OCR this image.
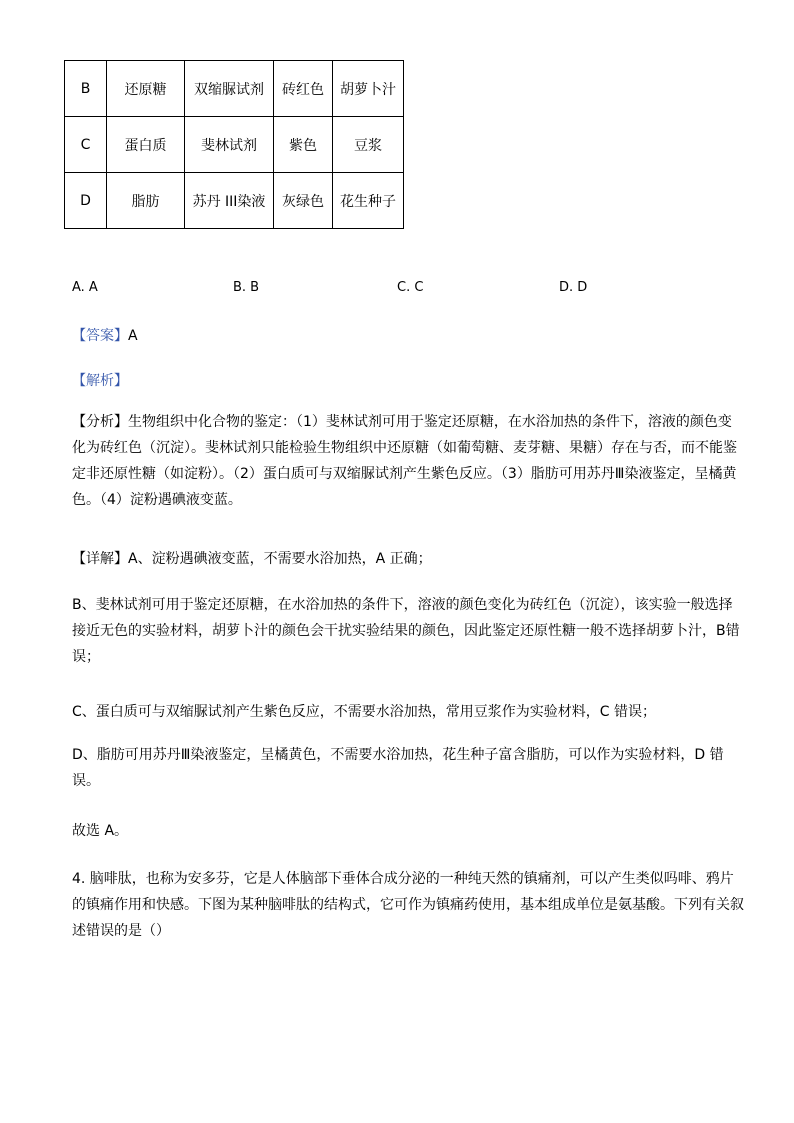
B	还原糖	双缩脲试剂	砖红色	胡萝卜汁
C	蛋白质	斐林试剂	紫色	豆浆
D	脂肪	苏丹 III染液	灰绿色	花生种子
A. A	B. B	C. C	D. D
【答案】A
【解析】
【分析】生物组织中化合物的鉴定：（1）斐林试剂可用于鉴定还原糖，在水浴加热的条件下，溶液的颜色变化为砖红色（沉淀）。斐林试剂只能检验生物组织中还原糖（如葡萄糖、麦芽糖、果糖）存在与否，而不能鉴定非还原性糖（如淀粉）。（2）蛋白质可与双缩脲试剂产生紫色反应。（3）脂肪可用苏丹Ⅲ染液鉴定，呈橘黄色。（4）淀粉遇碘液变蓝。
【详解】A、淀粉遇碘液变蓝，不需要水浴加热，A 正确；
B、斐林试剂可用于鉴定还原糖，在水浴加热的条件下，溶液的颜色变化为砖红色（沉淀），该实验一般选择接近无色的实验材料，胡萝卜汁的颜色会干扰实验结果的颜色，因此鉴定还原性糖一般不选择胡萝卜汁，B错误；
C、蛋白质可与双缩脲试剂产生紫色反应，不需要水浴加热，常用豆浆作为实验材料，C 错误；
D、脂肪可用苏丹Ⅲ染液鉴定，呈橘黄色，不需要水浴加热，花生种子富含脂肪，可以作为实验材料，D 错误。
故选 A。
4. 脑啡肽，也称为安多芬，它是人体脑部下垂体合成分泌的一种纯天然的镇痛剂，可以产生类似吗啡、鸦片的镇痛作用和快感。下图为某种脑啡肽的结构式，它可作为镇痛药使用，基本组成单位是氨基酸。下列有关叙述错误的是（）
